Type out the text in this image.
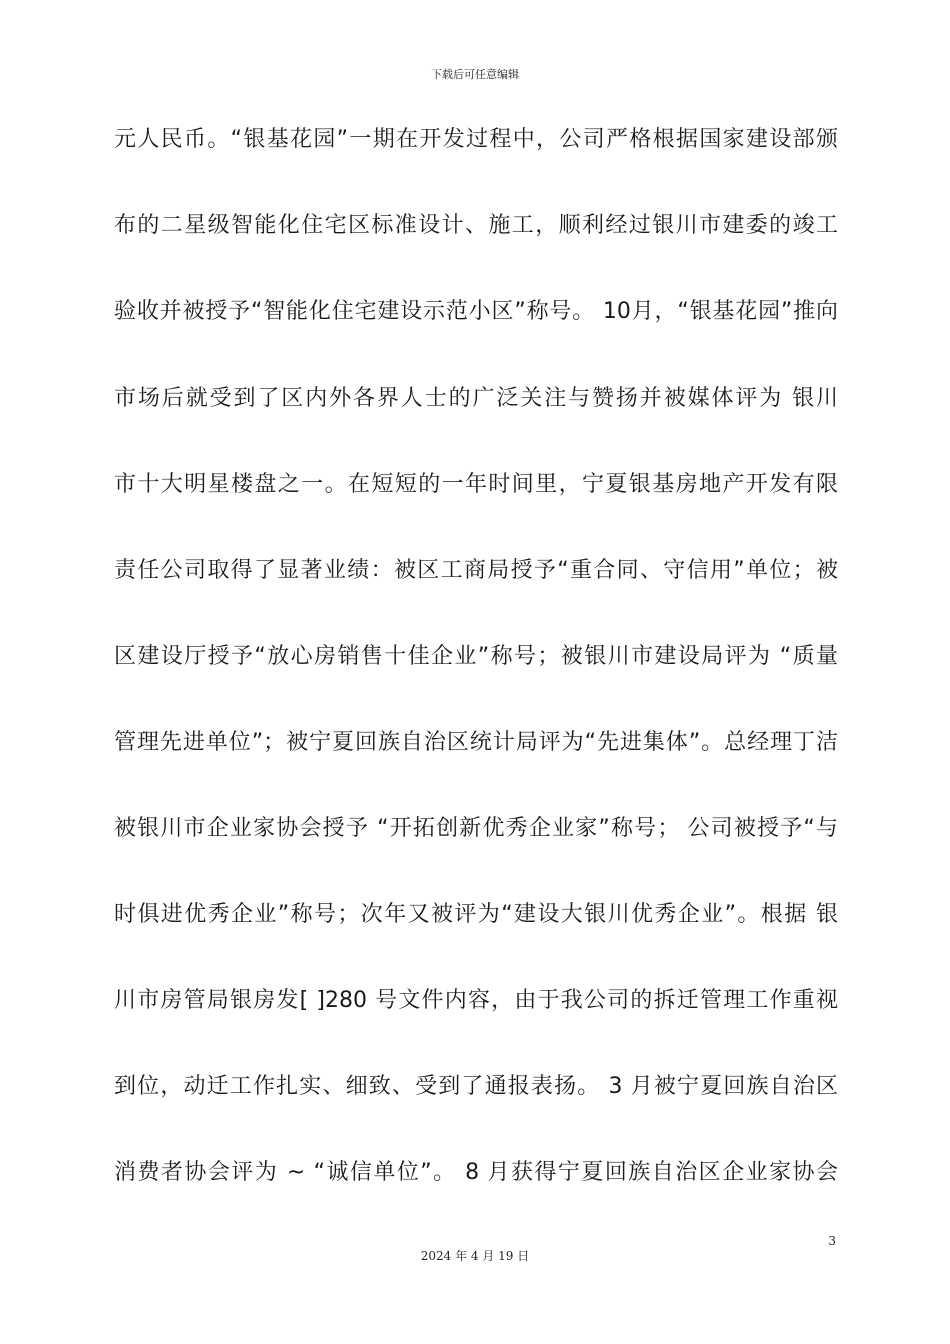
下载后可任意编辑
元人民币。“银基花园”一期在开发过程中，公司严格根据国家建设部颁
布的二星级智能化住宅区标准设计、施工，顺利经过银川市建委的竣工
验收并被授予“智能化住宅建设示范小区”称号。 10月，“银基花园”推向
市场后就受到了区内外各界人士的广泛关注与赞扬并被媒体评为 银川
市十大明星楼盘之一。在短短的一年时间里，宁夏银基房地产开发有限
责任公司取得了显著业绩：被区工商局授予“重合同、守信用”单位；被
区建设厅授予“放心房销售十佳企业”称号；被银川市建设局评为 “质量
管理先进单位”；被宁夏回族自治区统计局评为“先进集体”。总经理丁洁
被银川市企业家协会授予 “开拓创新优秀企业家”称号； 公司被授予“与
时俱进优秀企业”称号；次年又被评为“建设大银川优秀企业”。根据 银
川市房管局银房发[ ]280 号文件内容，由于我公司的拆迁管理工作重视
到位，动迁工作扎实、细致、受到了通报表扬。 3 月被宁夏回族自治区
消费者协会评为 ~ “诚信单位”。 8 月获得宁夏回族自治区企业家协会
3
2024 年 4 月 19 日
